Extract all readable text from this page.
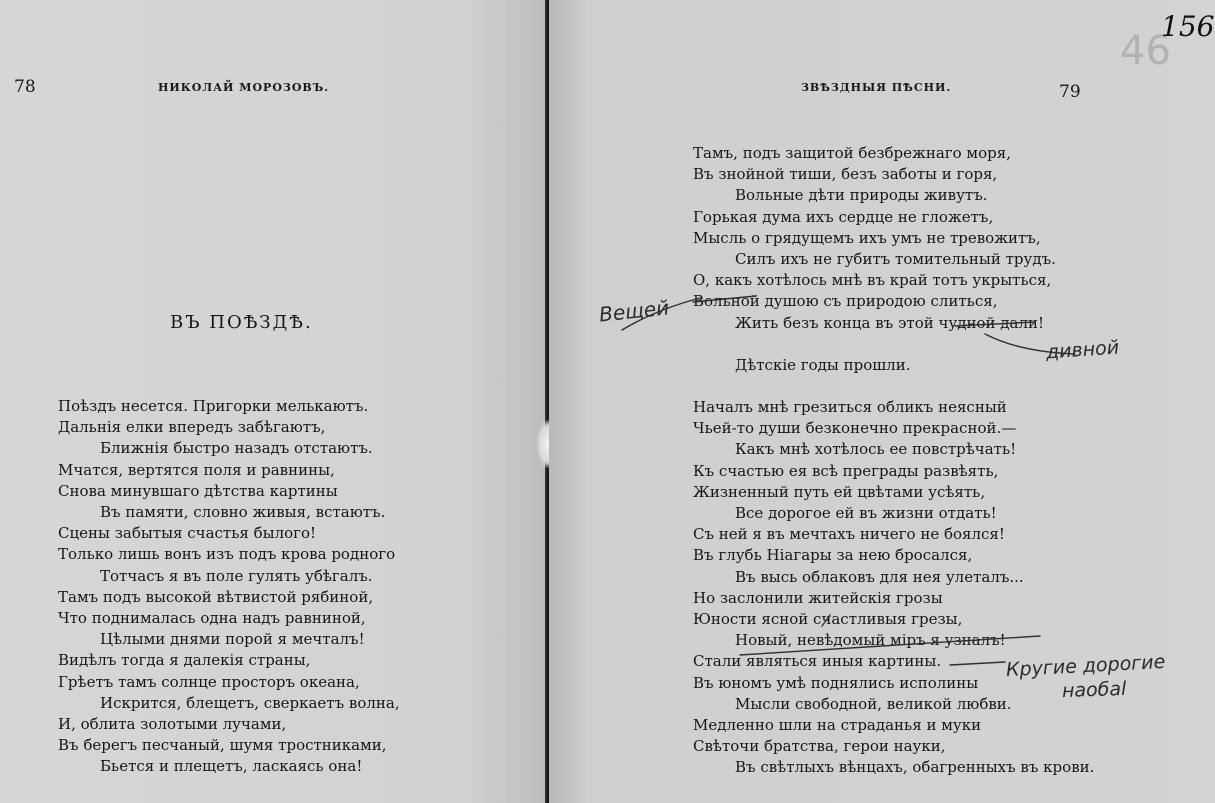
78	НИКОЛАЙ МОРОЗОВЪ.
ВЪ ПОѢЗДѢ.
Поѣздъ несется. Пригорки мелькаютъ.
Дальнія елки впередъ забѣгаютъ,
Ближнія быстро назадъ отстаютъ.
Мчатся, вертятся поля и равнины,
Снова минувшаго дѣтства картины
Въ памяти, словно живыя, встаютъ.
Сцены забытыя счастья былого!
Только лишь вонъ изъ подъ крова родного
Тотчасъ я въ поле гулять убѣгалъ.
Тамъ подъ высокой вѣтвистой рябиной,
Что поднималась одна надъ равниной,
Цѣлыми днями порой я мечталъ!
Видѣлъ тогда я далекія страны,
Грѣетъ тамъ солнце просторъ океана,
Искрится, блещетъ, сверкаетъ волна,
И, облита золотыми лучами,
Въ берегъ песчаный, шумя тростниками,
Бьется и плещетъ, ласкаясь она!
ЗВѢЗДНЫЯ ПѢСНИ.	79
46
156
Тамъ, подъ защитой безбрежнаго моря,
Въ знойной тиши, безъ заботы и горя,
Вольные дѣти природы живутъ.
Горькая дума ихъ сердце не гложетъ,
Мысль о грядущемъ ихъ умъ не тревожитъ,
Силъ ихъ не губитъ томительный трудъ.
О, какъ хотѣлось мнѣ въ край тотъ укрыться,
Вольной душою съ природою слиться,
Жить безъ конца въ этой чудной дали!
Дѣтскіе годы прошли.
Началъ мнѣ грезиться обликъ неясный
Чьей-то души безконечно прекрасной.—
Какъ мнѣ хотѣлось ее повстрѣчать!
Къ счастью ея всѣ преграды развѣять,
Жизненный путь ей цвѣтами усѣять,
Все дорогое ей въ жизни отдать!
Съ ней я въ мечтахъ ничего не боялся!
Въ глубь Ніагары за нею бросался,
Въ высь облаковъ для нея улеталъ...
Но заслонили житейскія грозы
Юности ясной счастливыя грезы,
Новый, невѣдомый міръ я узналъ!
Стали являться иныя картины.
Въ юномъ умѣ поднялись исполины
Мысли свободной, великой любви.
Медленно шли на страданья и муки
Свѣточи братства, герои науки,
Въ свѣтлыхъ вѣнцахъ, обагренныхъ въ крови.
Вещей
дивной
Кругие дорогие
наобаl
